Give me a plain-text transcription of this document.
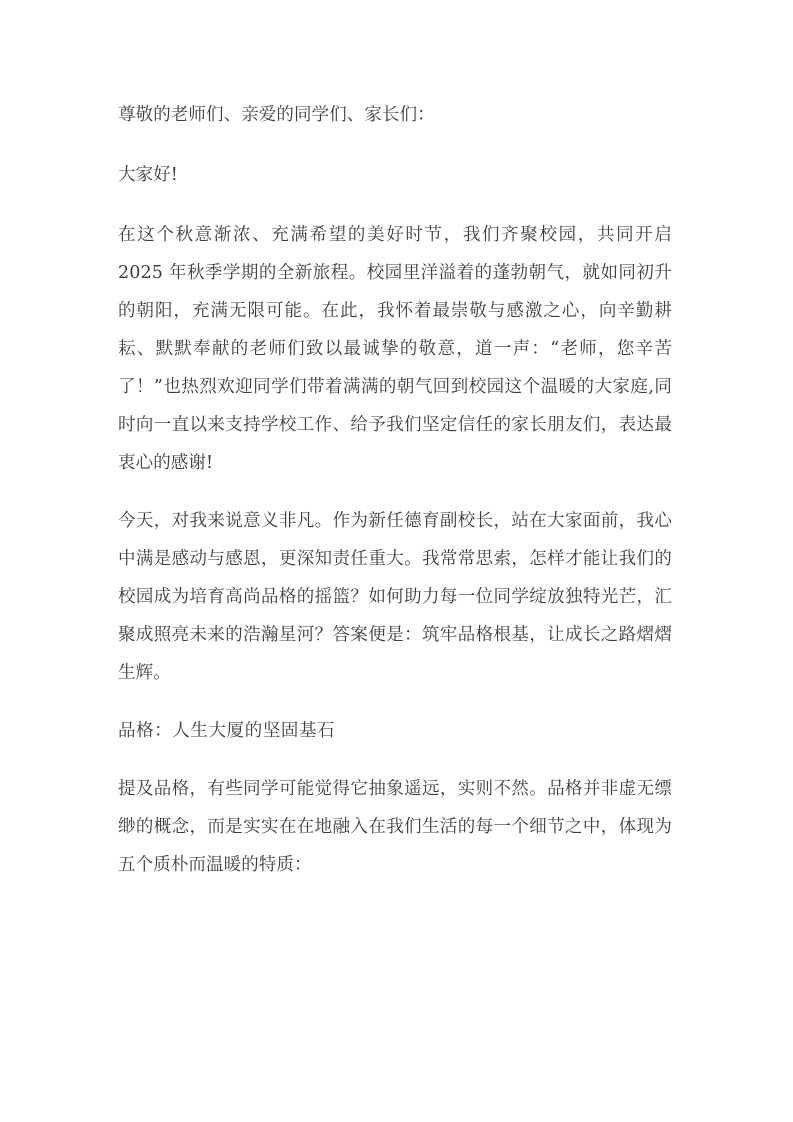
尊敬的老师们、亲爱的同学们、家长们：

大家好!

在这个秋意渐浓、充满希望的美好时节，我们齐聚校园，共同开启 2025 年秋季学期的全新旅程。校园里洋溢着的蓬勃朝气，就如同初升的朝阳，充满无限可能。在此，我怀着最崇敬与感激之心，向辛勤耕耘、默默奉献的老师们致以最诚挚的敬意，道一声：“老师，您辛苦了！”也热烈欢迎同学们带着满满的朝气回到校园这个温暖的大家庭,同时向一直以来支持学校工作、给予我们坚定信任的家长朋友们，表达最衷心的感谢!

今天，对我来说意义非凡。作为新任德育副校长，站在大家面前，我心中满是感动与感恩，更深知责任重大。我常常思索，怎样才能让我们的校园成为培育高尚品格的摇篮？如何助力每一位同学绽放独特光芒，汇聚成照亮未来的浩瀚星河？答案便是：筑牢品格根基，让成长之路熠熠生辉。

品格：人生大厦的坚固基石

提及品格，有些同学可能觉得它抽象遥远，实则不然。品格并非虚无缥缈的概念，而是实实在在地融入在我们生活的每一个细节之中，体现为五个质朴而温暖的特质：
